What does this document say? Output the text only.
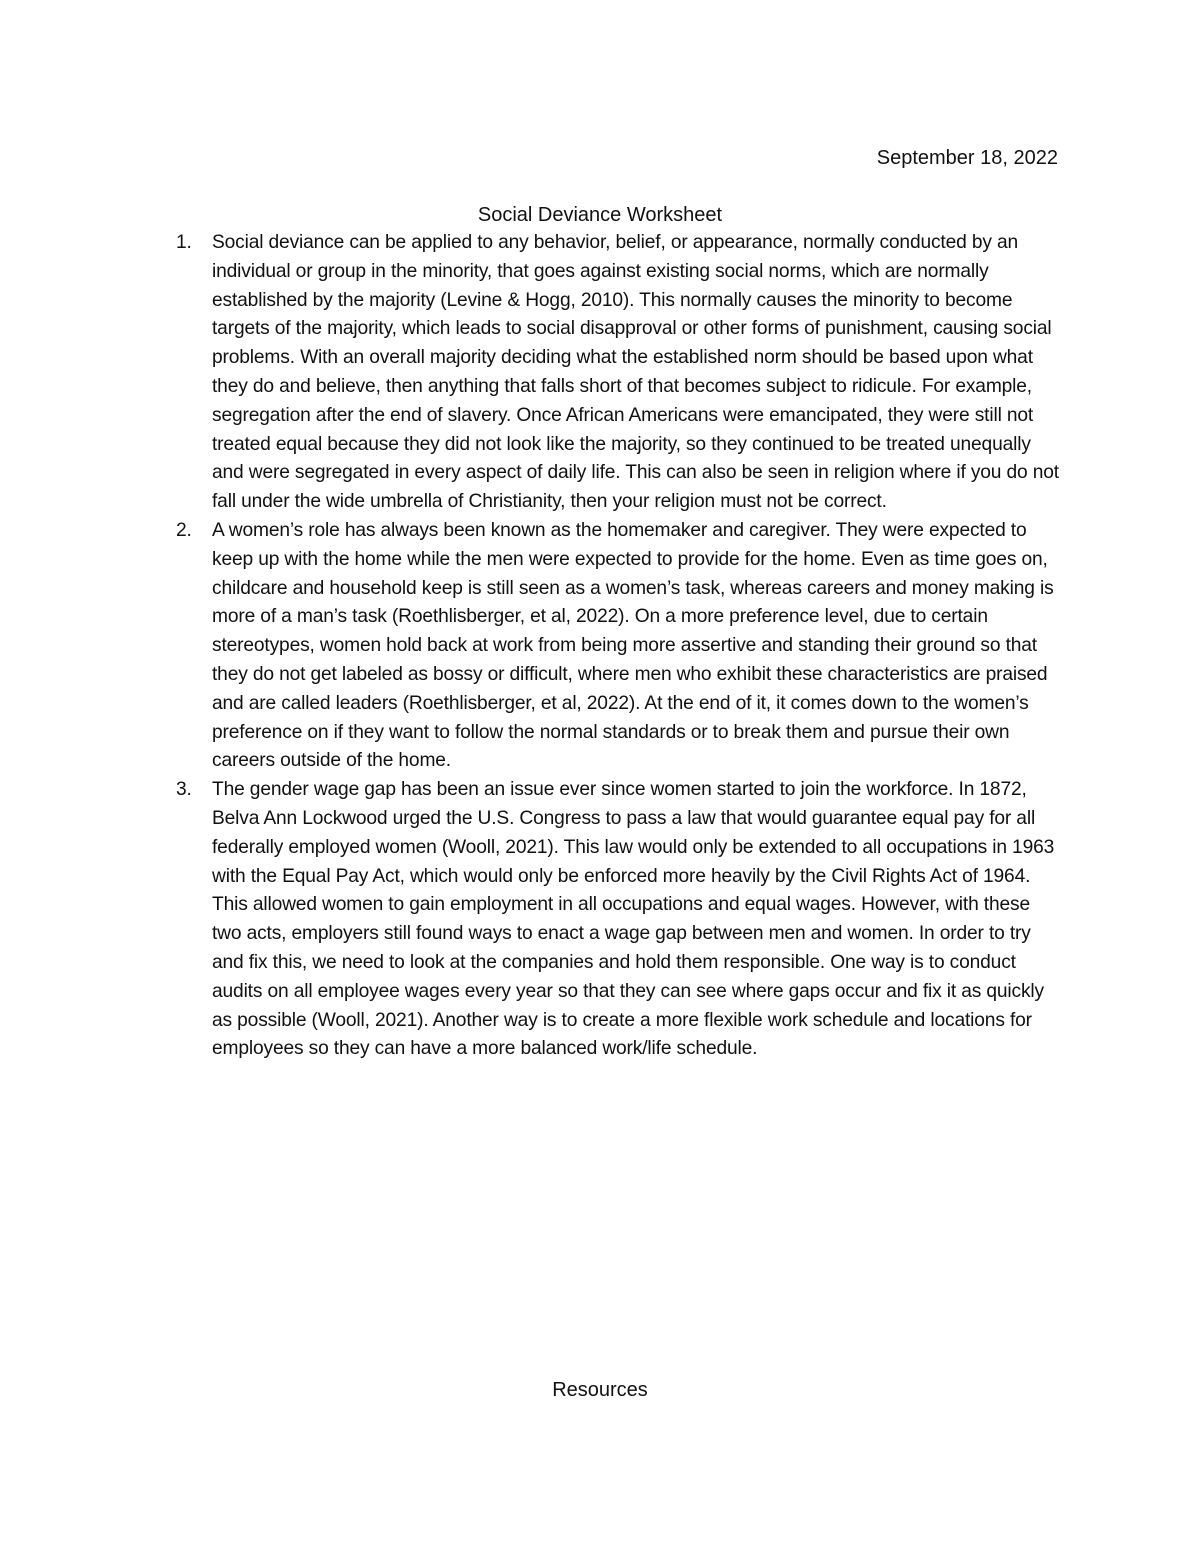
September 18, 2022
Social Deviance Worksheet
1. Social deviance can be applied to any behavior, belief, or appearance, normally conducted by an individual or group in the minority, that goes against existing social norms, which are normally established by the majority (Levine & Hogg, 2010). This normally causes the minority to become targets of the majority, which leads to social disapproval or other forms of punishment, causing social problems. With an overall majority deciding what the established norm should be based upon what they do and believe, then anything that falls short of that becomes subject to ridicule. For example, segregation after the end of slavery. Once African Americans were emancipated, they were still not treated equal because they did not look like the majority, so they continued to be treated unequally and were segregated in every aspect of daily life. This can also be seen in religion where if you do not fall under the wide umbrella of Christianity, then your religion must not be correct.
2. A women’s role has always been known as the homemaker and caregiver. They were expected to keep up with the home while the men were expected to provide for the home. Even as time goes on, childcare and household keep is still seen as a women’s task, whereas careers and money making is more of a man’s task (Roethlisberger, et al, 2022). On a more preference level, due to certain stereotypes, women hold back at work from being more assertive and standing their ground so that they do not get labeled as bossy or difficult, where men who exhibit these characteristics are praised and are called leaders (Roethlisberger, et al, 2022). At the end of it, it comes down to the women’s preference on if they want to follow the normal standards or to break them and pursue their own careers outside of the home.
3. The gender wage gap has been an issue ever since women started to join the workforce. In 1872, Belva Ann Lockwood urged the U.S. Congress to pass a law that would guarantee equal pay for all federally employed women (Wooll, 2021). This law would only be extended to all occupations in 1963 with the Equal Pay Act, which would only be enforced more heavily by the Civil Rights Act of 1964. This allowed women to gain employment in all occupations and equal wages. However, with these two acts, employers still found ways to enact a wage gap between men and women. In order to try and fix this, we need to look at the companies and hold them responsible. One way is to conduct audits on all employee wages every year so that they can see where gaps occur and fix it as quickly as possible (Wooll, 2021). Another way is to create a more flexible work schedule and locations for employees so they can have a more balanced work/life schedule.
Resources
